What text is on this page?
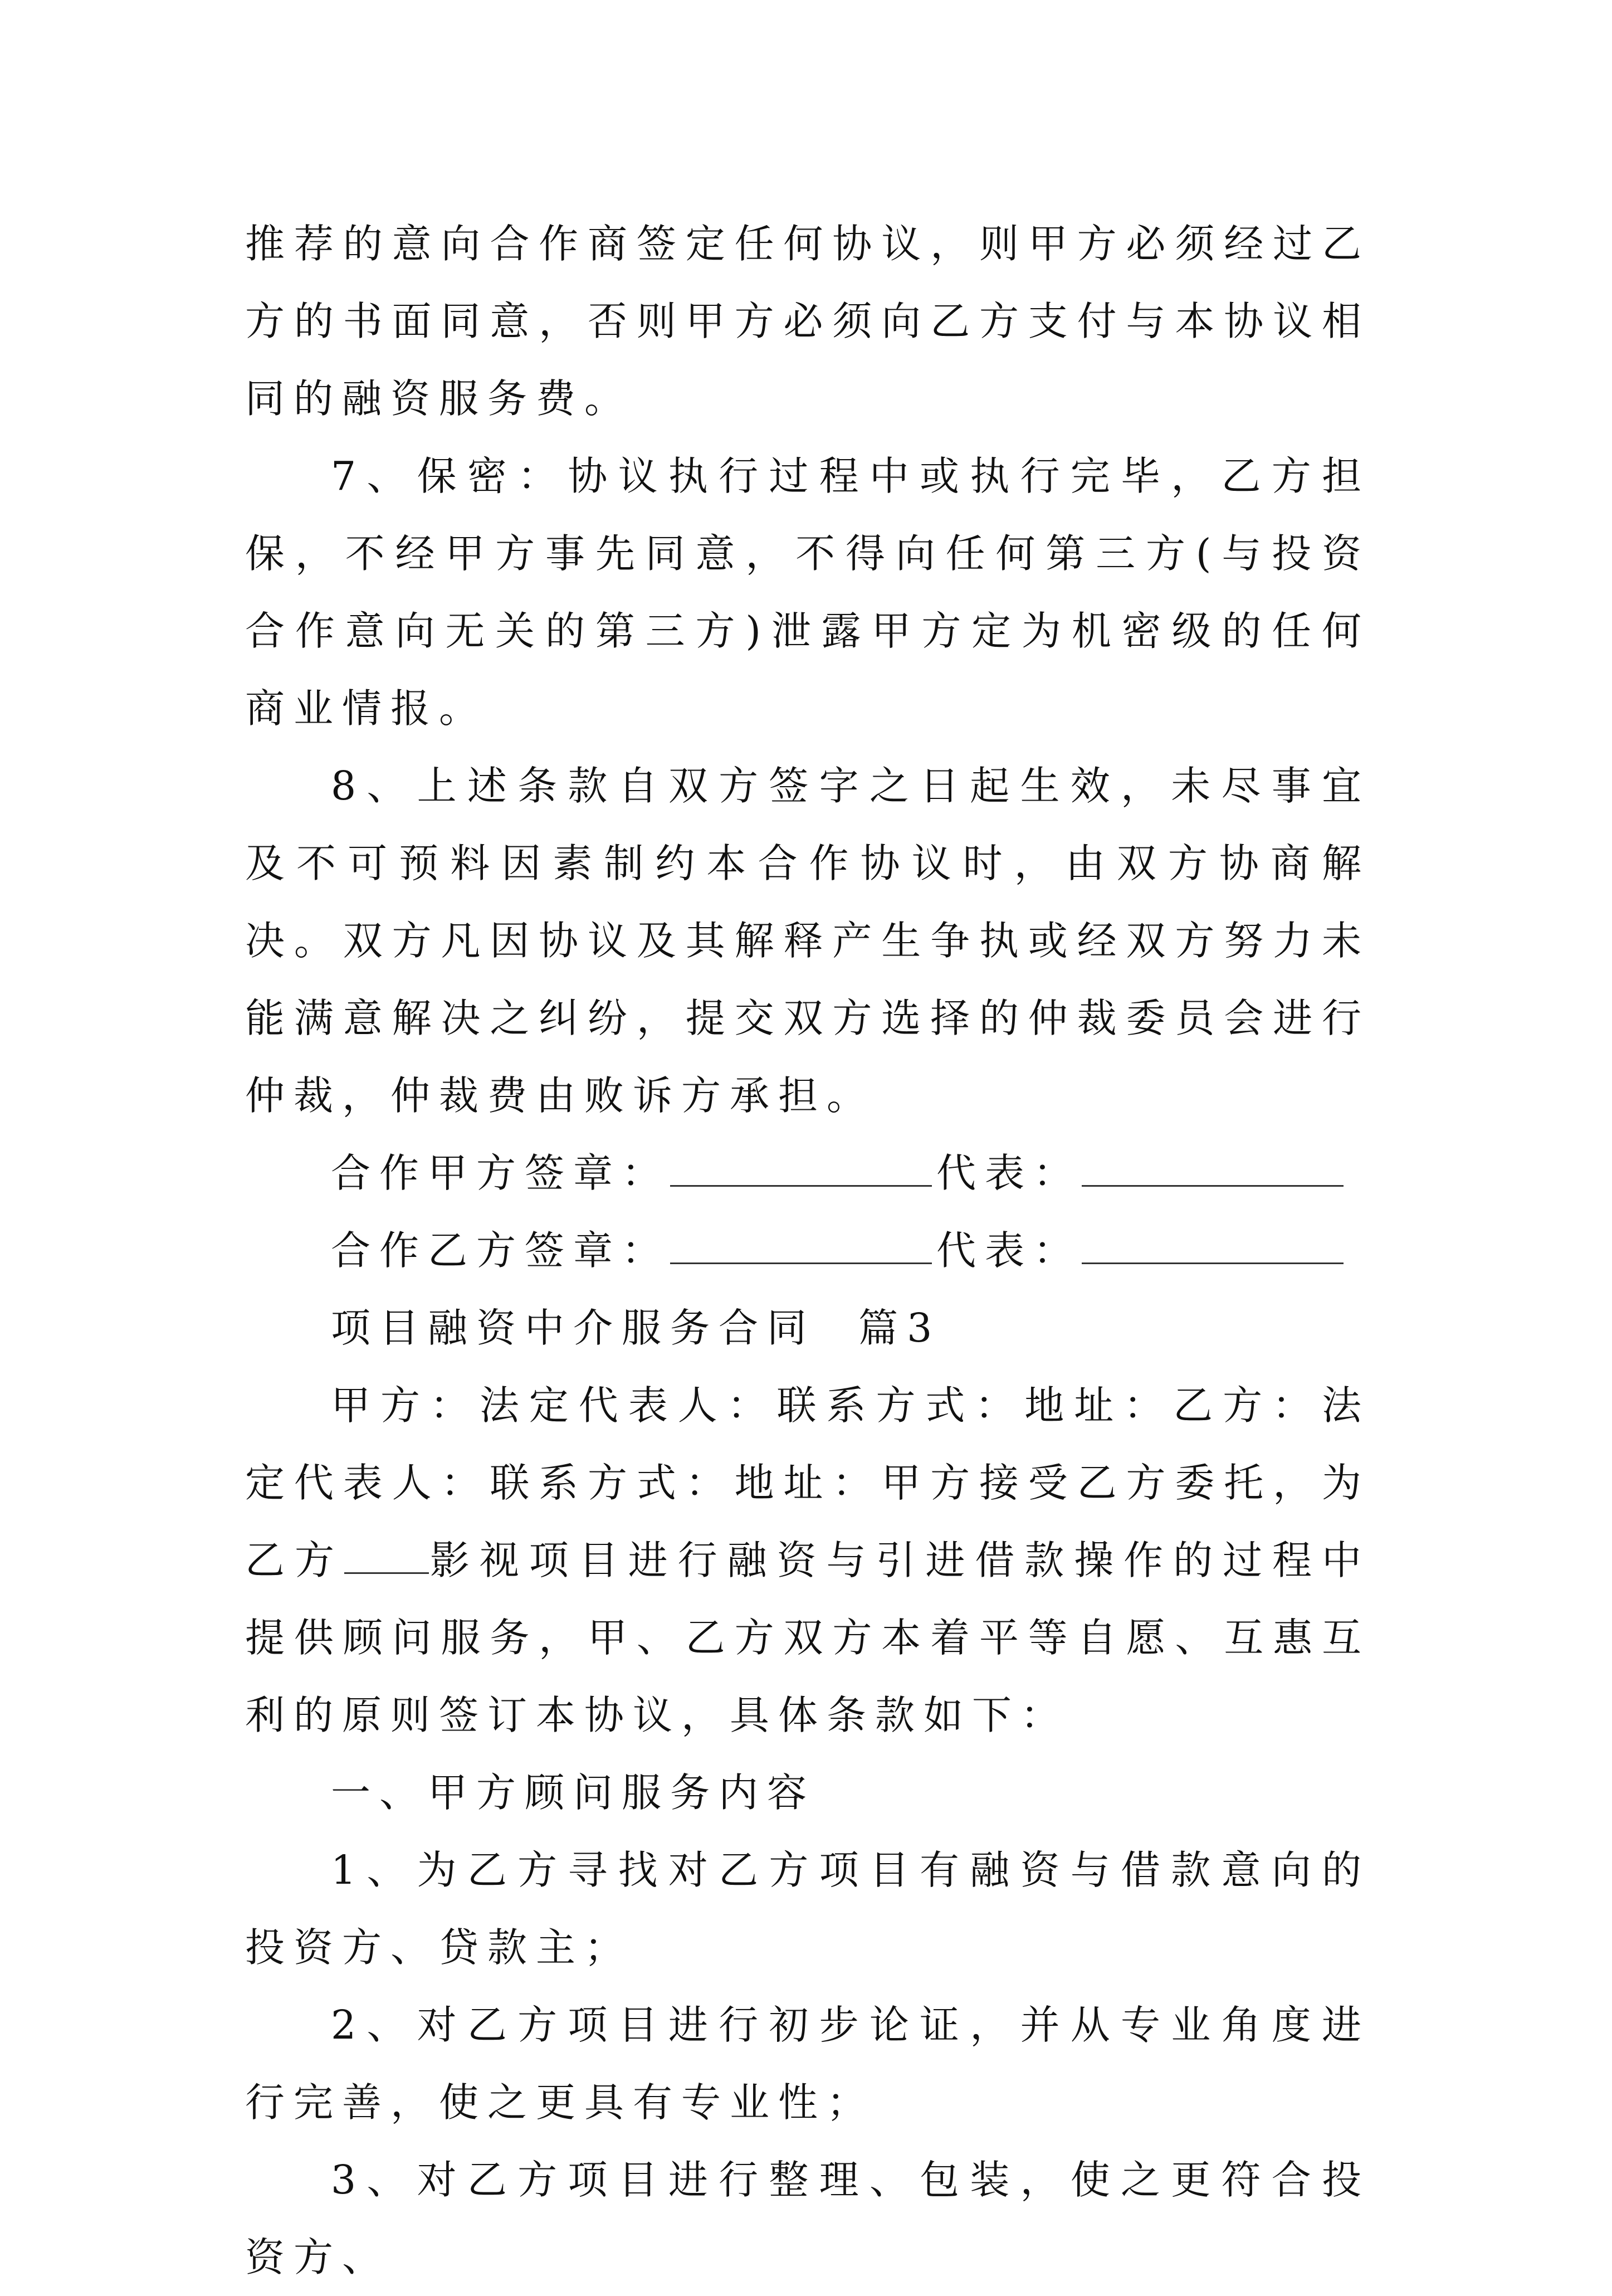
推荐的意向合作商签定任何协议，则甲方必须经过乙方的书面同意，否则甲方必须向乙方支付与本协议相同的融资服务费。

7、保密：协议执行过程中或执行完毕，乙方担保，不经甲方事先同意，不得向任何第三方(与投资合作意向无关的第三方)泄露甲方定为机密级的任何商业情报。

8、上述条款自双方签字之日起生效，未尽事宜及不可预料因素制约本合作协议时，由双方协商解决。双方凡因协议及其解释产生争执或经双方努力未能满意解决之纠纷，提交双方选择的仲裁委员会进行仲裁，仲裁费由败诉方承担。

合作甲方签章：	代表：
合作乙方签章：	代表：

项目融资中介服务合同  篇3

甲方：法定代表人：联系方式：地址：乙方：法定代表人：联系方式：地址：甲方接受乙方委托，为乙方 影视项目进行融资与引进借款操作的过程中提供顾问服务，甲、乙方双方本着平等自愿、互惠互利的原则签订本协议，具体条款如下：

一、甲方顾问服务内容

1、为乙方寻找对乙方项目有融资与借款意向的投资方、贷款主；

2、对乙方项目进行初步论证，并从专业角度进行完善，使之更具有专业性；

3、对乙方项目进行整理、包装，使之更符合投资方、
